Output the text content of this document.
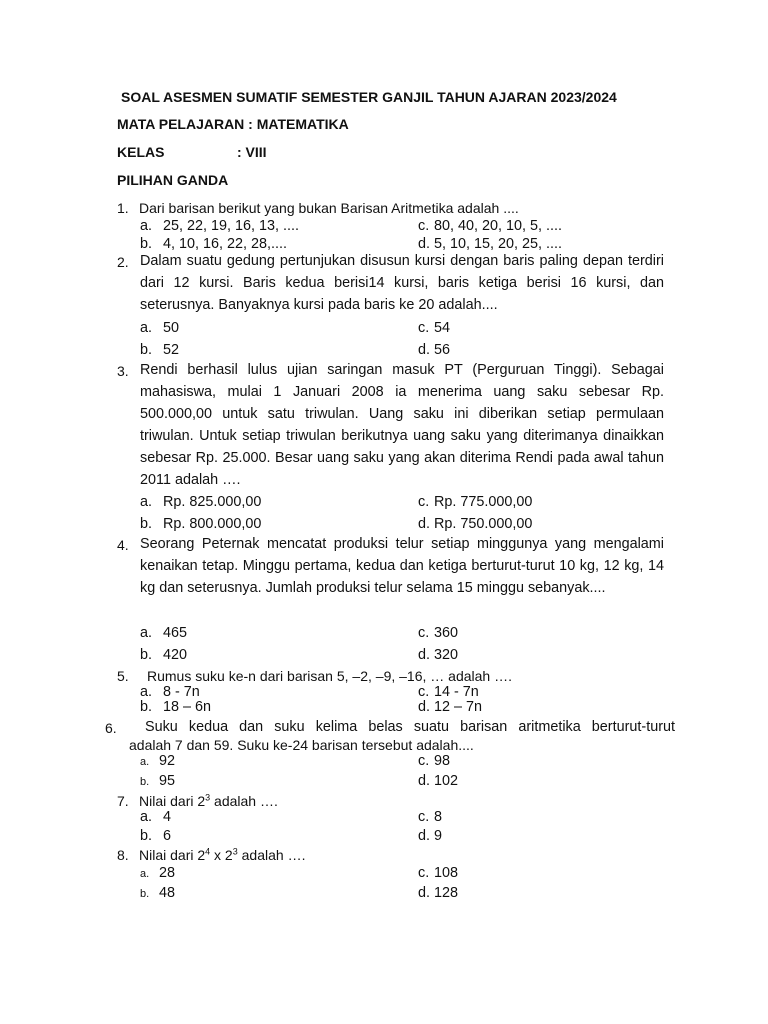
SOAL ASESMEN SUMATIF SEMESTER GANJIL TAHUN AJARAN 2023/2024
MATA PELAJARAN : MATEMATIKA
KELAS	: VIII
PILIHAN GANDA
1. Dari barisan berikut yang bukan Barisan Aritmetika adalah ....
a. 25, 22, 19, 16, 13, ....
b. 4, 10, 16, 22, 28,....
c. 80, 40, 20, 10, 5, ....
d. 5, 10, 15, 20, 25, ....
2. Dalam suatu gedung pertunjukan disusun kursi dengan baris paling depan terdiri dari 12 kursi. Baris kedua berisi14 kursi, baris ketiga berisi 16 kursi, dan seterusnya. Banyaknya kursi pada baris ke 20 adalah....
a. 50
b. 52
c. 54
d. 56
3. Rendi berhasil lulus ujian saringan masuk PT (Perguruan Tinggi). Sebagai mahasiswa, mulai 1 Januari 2008 ia menerima uang saku sebesar Rp. 500.000,00 untuk satu triwulan. Uang saku ini diberikan setiap permulaan triwulan. Untuk setiap triwulan berikutnya uang saku yang diterimanya dinaikkan sebesar Rp. 25.000. Besar uang saku yang akan diterima Rendi pada awal tahun 2011 adalah ….
a. Rp. 825.000,00
b. Rp. 800.000,00
c. Rp. 775.000,00
d. Rp. 750.000,00
4. Seorang Peternak mencatat produksi telur setiap minggunya yang mengalami kenaikan tetap. Minggu pertama, kedua dan ketiga berturut-turut 10 kg, 12 kg, 14 kg dan seterusnya. Jumlah produksi telur selama 15 minggu sebanyak....
a. 465
b. 420
c. 360
d. 320
5. Rumus suku ke-n dari barisan 5, –2, –9, –16, … adalah ….
a. 8 - 7n
b. 18 – 6n
c. 14 - 7n
d. 12 – 7n
6. Suku kedua dan suku kelima belas suatu barisan aritmetika berturut-turut
adalah 7 dan 59. Suku ke-24 barisan tersebut adalah....
a. 92
b. 95
c. 98
d. 102
7. Nilai dari $2^3$ adalah ….
a. 4
b. 6
c. 8
d. 9
8. Nilai dari $2^4$ x $2^3$ adalah ….
a. 28
b. 48
c. 108
d. 128
